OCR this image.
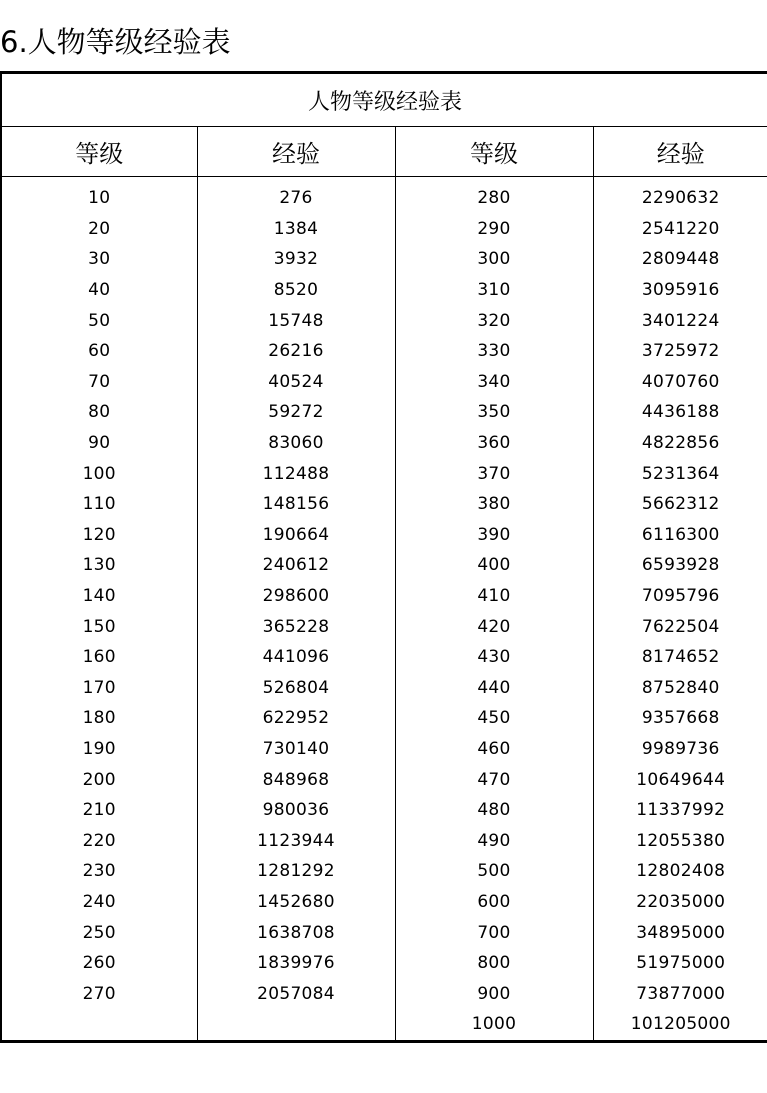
6.人物等级经验表
人物等级经验表			
等级	经验	等级	经验
10	276	280	2290632
20	1384	290	2541220
30	3932	300	2809448
40	8520	310	3095916
50	15748	320	3401224
60	26216	330	3725972
70	40524	340	4070760
80	59272	350	4436188
90	83060	360	4822856
100	112488	370	5231364
110	148156	380	5662312
120	190664	390	6116300
130	240612	400	6593928
140	298600	410	7095796
150	365228	420	7622504
160	441096	430	8174652
170	526804	440	8752840
180	622952	450	9357668
190	730140	460	9989736
200	848968	470	10649644
210	980036	480	11337992
220	1123944	490	12055380
230	1281292	500	12802408
240	1452680	600	22035000
250	1638708	700	34895000
260	1839976	800	51975000
270	2057084	900	73877000
		1000	101205000
